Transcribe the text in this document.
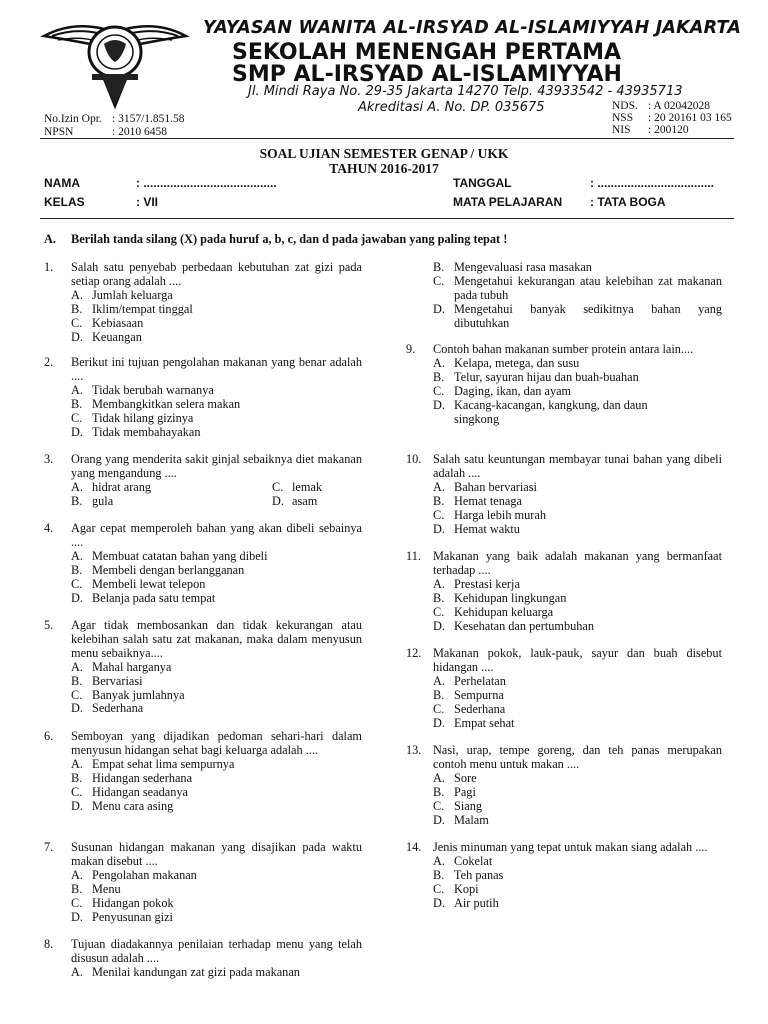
YAYASAN WANITA AL-IRSYAD AL-ISLAMIYYAH JAKARTA
SEKOLAH MENENGAH PERTAMA
SMP AL-IRSYAD AL-ISLAMIYYAH
Jl. Mindi Raya No. 29-35 Jakarta 14270 Telp. 43933542 - 43935713
Akreditasi A. No. DP. 035675
No.Izin Opr. : 3157/1.851.58
NPSN	: 2010 6458
NDS. : A 02042028
NSS : 20 20161 03 165
NIS : 200120
SOAL UJIAN SEMESTER GENAP / UKK
TAHUN 2016-2017
NAMA	: ........................................	TANGGAL	: ...................................
KELAS	: VII	MATA PELAJARAN : TATA BOGA
A. Berilah tanda silang (X) pada huruf a, b, c, dan d pada jawaban yang paling tepat !
1. Salah satu penyebab perbedaan kebutuhan zat gizi pada setiap orang adalah ....
A. Jumlah keluarga
B. Iklim/tempat tinggal
C. Kebiasaan
D. Keuangan
2. Berikut ini tujuan pengolahan makanan yang benar adalah ....
A. Tidak berubah warnanya
B. Membangkitkan selera makan
C. Tidak hilang gizinya
D. Tidak membahayakan
3. Orang yang menderita sakit ginjal sebaiknya diet makanan yang mengandung ....
A. hidrat arang	C. lemak
B. gula	D. asam
4. Agar cepat memperoleh bahan yang akan dibeli sebainya ....
A. Membuat catatan bahan yang dibeli
B. Membeli dengan berlangganan
C. Membeli lewat telepon
D. Belanja pada satu tempat
5. Agar tidak membosankan dan tidak kekurangan atau kelebihan salah satu zat makanan, maka dalam menyusun menu sebaiknya....
A. Mahal harganya
B. Bervariasi
C. Banyak jumlahnya
D. Sederhana
6. Semboyan yang dijadikan pedoman sehari-hari dalam menyusun hidangan sehat bagi keluarga adalah ....
A. Empat sehat lima sempurnya
B. Hidangan sederhana
C. Hidangan seadanya
D. Menu cara asing
7. Susunan hidangan makanan yang disajikan pada waktu makan disebut ....
A. Pengolahan makanan
B. Menu
C. Hidangan pokok
D. Penyusunan gizi
8. Tujuan diadakannya penilaian terhadap menu yang telah disusun adalah ....
A. Menilai kandungan zat gizi pada makanan
B. Mengevaluasi rasa masakan
C. Mengetahui kekurangan atau kelebihan zat makanan pada tubuh
D. Mengetahui banyak sedikitnya bahan yang dibutuhkan
9. Contoh bahan makanan sumber protein antara lain....
A. Kelapa, metega, dan susu
B. Telur, sayuran hijau dan buah-buahan
C. Daging, ikan, dan ayam
D. Kacang-kacangan, kangkung, dan daun singkong
10. Salah satu keuntungan membayar tunai bahan yang dibeli adalah ....
A. Bahan bervariasi
B. Hemat tenaga
C. Harga lebih murah
D. Hemat waktu
11. Makanan yang baik adalah makanan yang bermanfaat terhadap ....
A. Prestasi kerja
B. Kehidupan lingkungan
C. Kehidupan keluarga
D. Kesehatan dan pertumbuhan
12. Makanan pokok, lauk-pauk, sayur dan buah disebut hidangan ....
A. Perhelatan
B. Sempurna
C. Sederhana
D. Empat sehat
13. Nasi, urap, tempe goreng, dan teh panas merupakan contoh menu untuk makan ....
A. Sore
B. Pagi
C. Siang
D. Malam
14. Jenis minuman yang tepat untuk makan siang adalah ....
A. Cokelat
B. Teh panas
C. Kopi
D. Air putih
